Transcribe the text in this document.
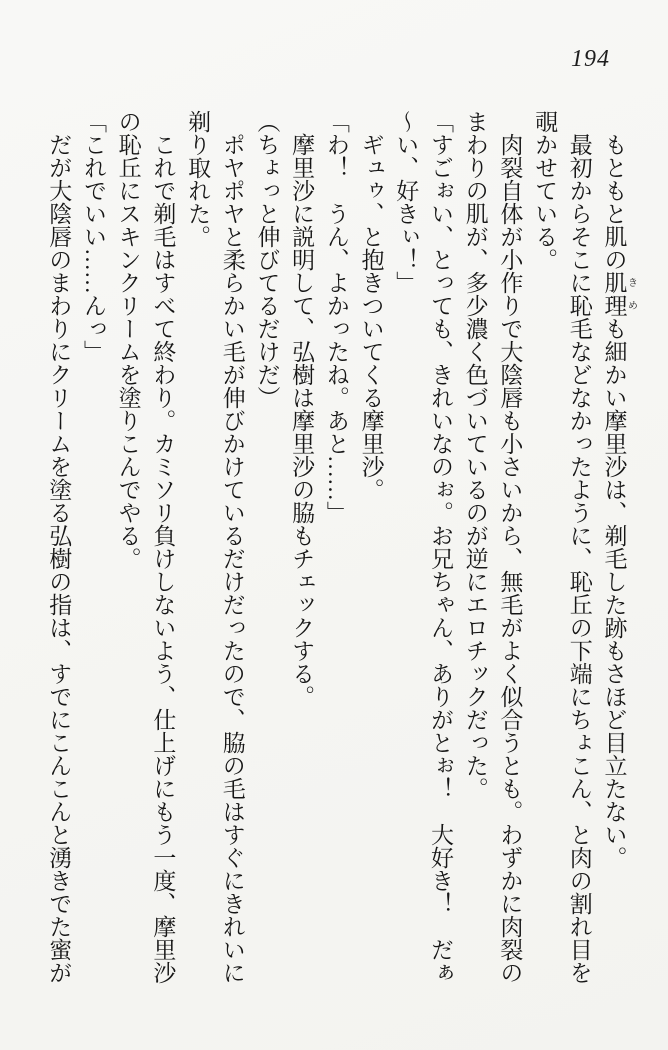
194
もともと肌の肌理 きめも細かい摩里沙は、剃毛した跡もさほど目立たない。
最初からそこに恥毛などなかったように、恥丘の下端にちょこん、と肉の割れ目を
覗かせている。
肉裂自体が小作りで大陰唇も小さいから、無毛がよく似合うとも。わずかに肉裂の
まわりの肌が、多少濃く色づいているのが逆にエロチックだった。
「すごぉい、とっても、きれいなのぉ。お兄ちゃん、ありがとぉ！　大好き！　だぁ
～い、好きぃ！」
ギュゥ、と抱きついてくる摩里沙。
「わ！　うん、よかったね。あと……」
摩里沙に説明して、弘樹は摩里沙の脇もチェックする。
（ちょっと伸びてるだけだ）
ポヤポヤと柔らかい毛が伸びかけているだけだったので、脇の毛はすぐにきれいに
剃り取れた。
これで剃毛はすべて終わり。カミソリ負けしないよう、仕上げにもう一度、摩里沙
の恥丘にスキンクリームを塗りこんでやる。
「これでいい……んっ」
だが大陰唇のまわりにクリームを塗る弘樹の指は、すでにこんこんと湧きでた蜜が
